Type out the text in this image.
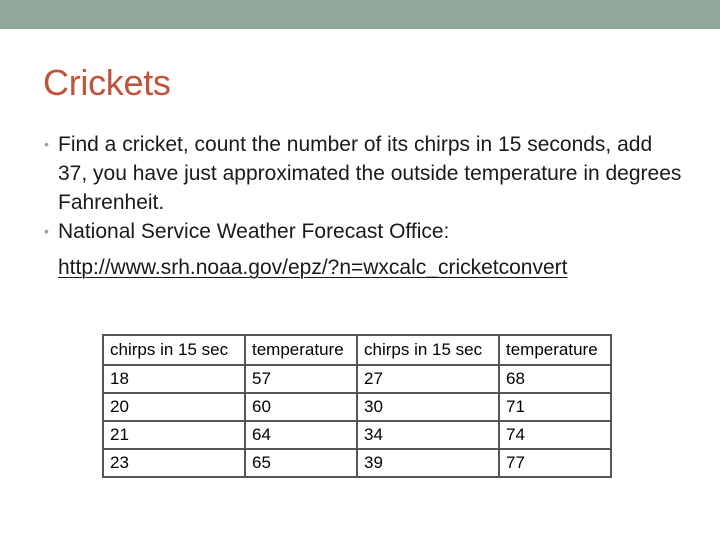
Crickets
• Find a cricket, count the number of its chirps in 15 seconds, add 37, you have just approximated the outside temperature in degrees Fahrenheit.
• National Service Weather Forecast Office:
http://www.srh.noaa.gov/epz/?n=wxcalc_cricketconvert
chirps in 15 sec	temperature	chirps in 15 sec	temperature
18	57	27	68
20	60	30	71
21	64	34	74
23	65	39	77
